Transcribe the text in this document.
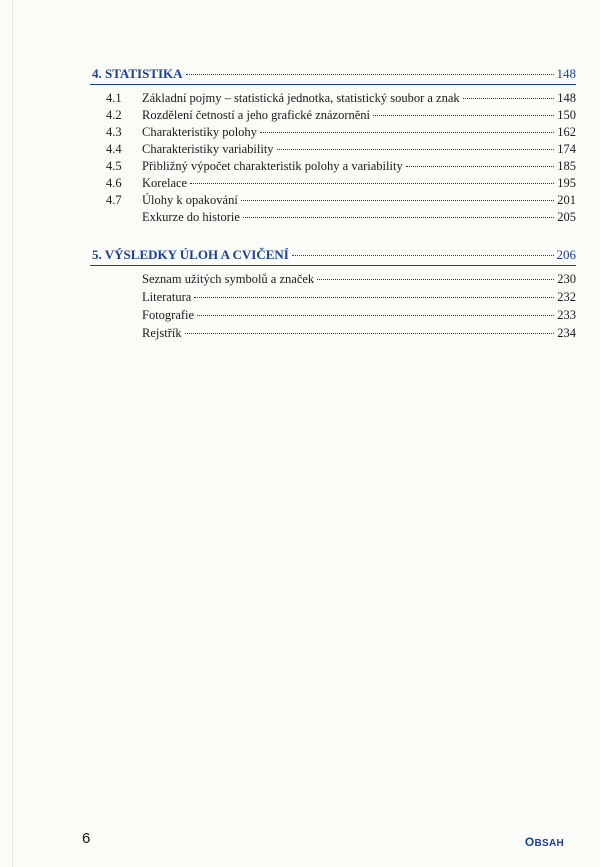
4. STATISTIKA	148
4.1	Základní pojmy – statistická jednotka, statistický soubor a znak	148
4.2	Rozdělení četností a jeho grafické znázornění	150
4.3	Charakteristiky polohy	162
4.4	Charakteristiky variability	174
4.5	Přibližný výpočet charakteristik polohy a variability	185
4.6	Korelace	195
4.7	Úlohy k opakování	201
Exkurze do historie	205
5. VÝSLEDKY ÚLOH A CVIČENÍ	206
Seznam užitých symbolů a značek	230
Literatura	232
Fotografie	233
Rejstřík	234
6	OBSAH
